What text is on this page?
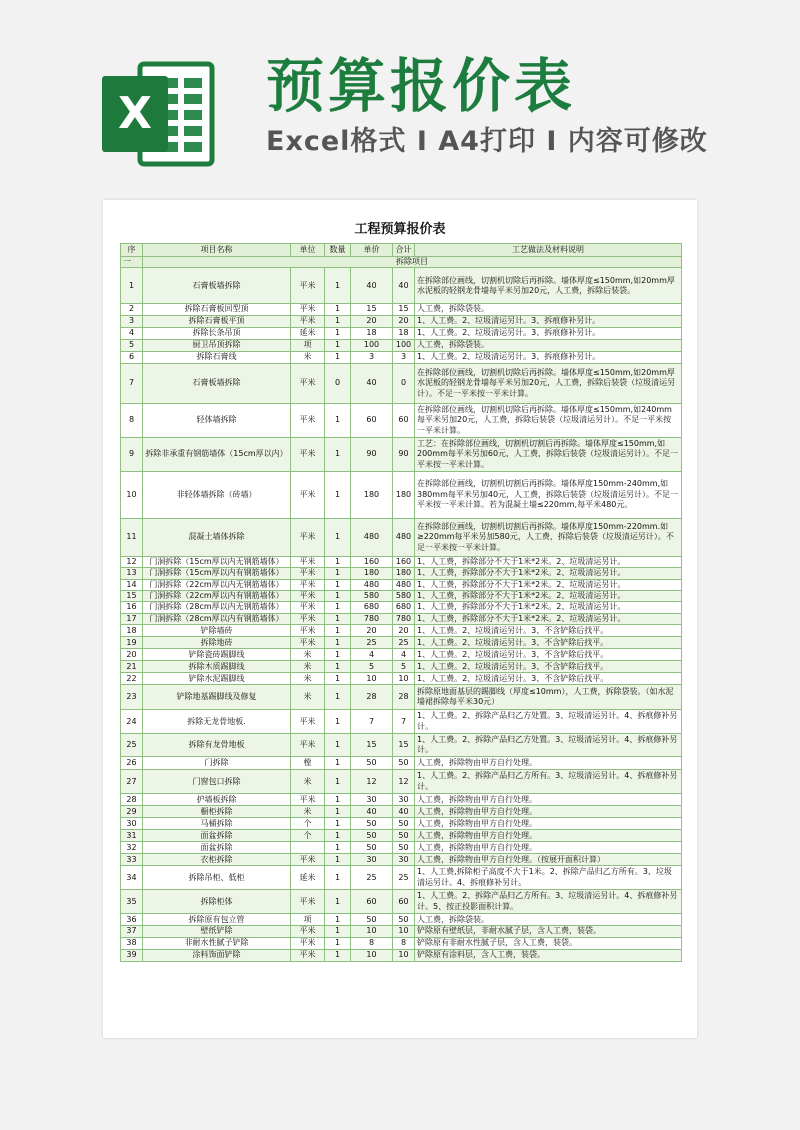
X 预算报价表
Excel格式 I A4打印 I 内容可修改
工程预算报价表
序	项目名称	单位	数量	单价	合计	工艺做法及材料说明
一	拆除项目					
1	石膏板墙拆除	平米	1	40	40	在拆除部位画线，切割机切除后再拆除。墙体厚度≤150mm,如20mm厚水泥板的轻钢龙骨墙每平米另加20元，人工费，拆除后装袋。
2	拆除石膏板回型顶	平米	1	15	15	人工费，拆除袋装。
3	拆除石膏板平顶	平米	1	20	20	1、人工费。2、垃圾清运另计。3、拆痕修补另计。
4	拆除长条吊顶	延米	1	18	18	1、人工费。2、垃圾清运另计。3、拆痕修补另计。
5	厨卫吊顶拆除	项	1	100	100	人工费，拆除袋装。
6	拆除石膏线	米	1	3	3	1、人工费。2、垃圾清运另计。3、拆痕修补另计。
7	石膏板墙拆除	平米	0	40	0	在拆除部位画线，切割机切除后再拆除。墙体厚度≤150mm,如20mm厚水泥板的轻钢龙骨墙每平米另加20元，人工费，拆除后装袋（垃圾清运另计）。不足一平米按一平米计算。
8	轻体墙拆除	平米	1	60	60	在拆除部位画线，切割机切除后再拆除。墙体厚度≤150mm,如240mm每平米另加20元，人工费，拆除后装袋（垃圾清运另计）。不足一平米按一平米计算。
9	拆除非承重有钢筋墙体（15cm厚以内）	平米	1	90	90	工艺：在拆除部位画线，切割机切割后再拆除。墙体厚度≤150mm,如200mm每平米另加60元，人工费，拆除后装袋（垃圾清运另计）。不足一平米按一平米计算。
10	非轻体墙拆除（砖墙）	平米	1	180	180	在拆除部位画线，切割机切割后再拆除。墙体厚度150mm-240mm,如380mm每平米另加40元，人工费，拆除后装袋（垃圾清运另计）。不足一平米按一平米计算。若为混凝土墙≤220mm,每平米480元。
11	混凝土墙体拆除	平米	1	480	480	在拆除部位画线，切割机切割后再拆除。墙体厚度150mm-220mm.如≥220mm每平米另加580元，人工费，拆除后装袋（垃圾清运另计）。不足一平米按一平米计算。
12	门洞拆除（15cm厚以内无钢筋墙体）	平米	1	160	160	1、人工费，拆除部分不大于1米*2米。2、垃圾清运另计。
13	门洞拆除（15cm厚以内有钢筋墙体）	平米	1	180	180	1、人工费，拆除部分不大于1米*2米。2、垃圾清运另计。
14	门洞拆除（22cm厚以内无钢筋墙体）	平米	1	480	480	1、人工费，拆除部分不大于1米*2米。2、垃圾清运另计。
15	门洞拆除（22cm厚以内有钢筋墙体）	平米	1	580	580	1、人工费，拆除部分不大于1米*2米。2、垃圾清运另计。
16	门洞拆除（28cm厚以内无钢筋墙体）	平米	1	680	680	1、人工费，拆除部分不大于1米*2米。2、垃圾清运另计。
17	门洞拆除（28cm厚以内有钢筋墙体）	平米	1	780	780	1、人工费，拆除部分不大于1米*2米。2、垃圾清运另计。
18	铲除墙砖	平米	1	20	20	1、人工费。2、垃圾清运另计。3、不含铲除后找平。
19	拆除地砖	平米	1	25	25	1、人工费。2、垃圾清运另计。3、不含铲除后找平。
20	铲除瓷砖踢脚线	米	1	4	4	1、人工费。2、垃圾清运另计。3、不含铲除后找平。
21	拆除木质踢脚线	米	1	5	5	1、人工费。2、垃圾清运另计。3、不含铲除后找平。
22	铲除水泥踢脚线	米	1	10	10	1、人工费。2、垃圾清运另计。3、不含铲除后找平。
23	铲除地基踢脚线及修复	米	1	28	28	拆除原地面基层的踢脚线（厚度≤10mm），人工费，拆除袋装。（如水泥墙裙拆除每平米30元）
24	拆除无龙骨地板.	平米	1	7	7	1、人工费。2、拆除产品归乙方处置。3、垃圾清运另计。4、拆痕修补另计。
25	拆除有龙骨地板	平米	1	15	15	1、人工费。2、拆除产品归乙方处置。3、垃圾清运另计。4、拆痕修补另计。
26	门拆除	樘	1	50	50	人工费，拆除物由甲方自行处理。
27	门窗包口拆除	米	1	12	12	1、人工费。2、拆除产品归乙方所有。3、垃圾清运另计。4、拆痕修补另计。
28	护墙板拆除	平米	1	30	30	人工费，拆除物由甲方自行处理。
29	橱柜拆除	米	1	40	40	人工费，拆除物由甲方自行处理。
30	马桶拆除	个	1	50	50	人工费，拆除物由甲方自行处理。
31	面盆拆除	个	1	50	50	人工费，拆除物由甲方自行处理。
32	面盆拆除		1	50	50	人工费，拆除物由甲方自行处理。
33	衣柜拆除	平米	1	30	30	人工费，拆除物由甲方自行处理。（按展开面积计算）
34	拆除吊柜、低柜	延米	1	25	25	1、人工费,拆除柜子高度不大于1米。2、拆除产品归乙方所有。3、垃圾清运另计。4、拆痕修补另计。
35	拆除柜体	平米	1	60	60	1、人工费。2、拆除产品归乙方所有。3、垃圾清运另计。4、拆痕修补另计。5、按正投影面积计算。
36	拆除原有包立管	项	1	50	50	人工费，拆除袋装。
37	壁纸铲除	平米	1	10	10	铲除原有壁纸层，非耐水腻子层，含人工费，装袋。
38	非耐水性腻子铲除	平米	1	8	8	铲除原有非耐水性腻子层，含人工费，装袋。
39	涂料饰面铲除	平米	1	10	10	铲除原有涂料层，含人工费，装袋。
